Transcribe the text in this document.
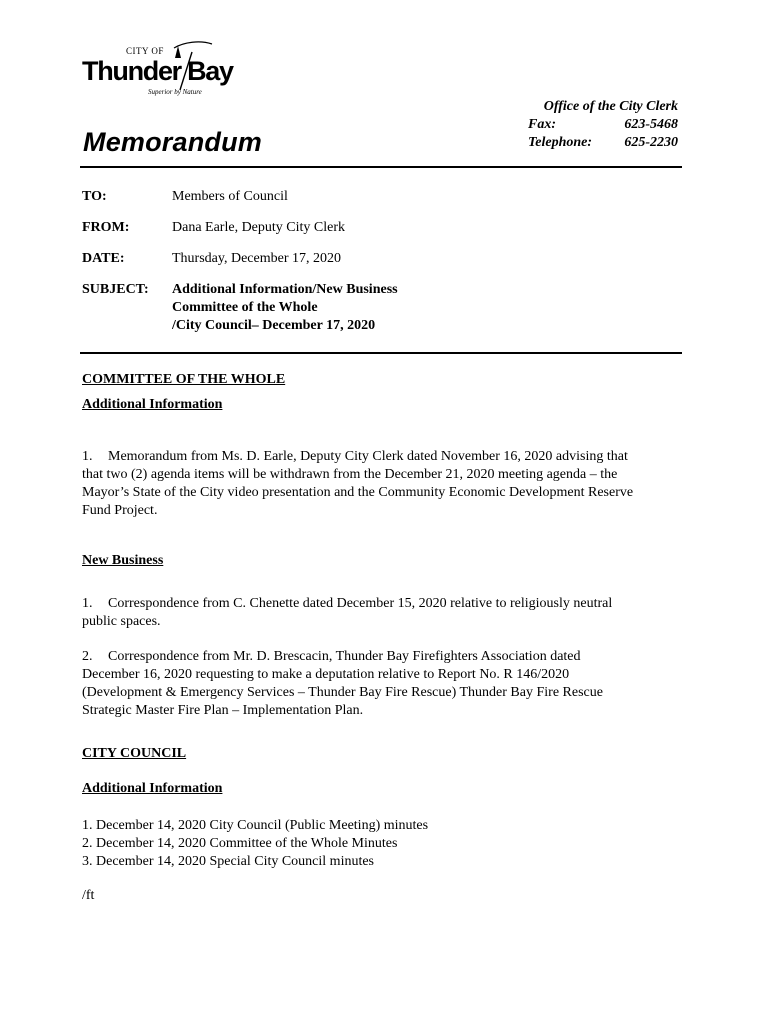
CITY OF
Thunder Bay
Superior by Nature
Office of the City Clerk
Fax:	623-5468
Telephone: 625-2230
Memorandum
TO:	Members of Council
FROM:	Dana Earle, Deputy City Clerk
DATE:	Thursday, December 17, 2020
SUBJECT: Additional Information/New Business
Committee of the Whole
/City Council– December 17, 2020
COMMITTEE OF THE WHOLE
Additional Information
1. Memorandum from Ms. D. Earle, Deputy City Clerk dated November 16, 2020 advising that
that two (2) agenda items will be withdrawn from the December 21, 2020 meeting agenda – the
Mayor’s State of the City video presentation and the Community Economic Development Reserve
Fund Project.
New Business
1. Correspondence from C. Chenette dated December 15, 2020 relative to religiously neutral
public spaces.
2. Correspondence from Mr. D. Brescacin, Thunder Bay Firefighters Association dated
December 16, 2020 requesting to make a deputation relative to Report No. R 146/2020
(Development & Emergency Services – Thunder Bay Fire Rescue) Thunder Bay Fire Rescue
Strategic Master Fire Plan – Implementation Plan.
CITY COUNCIL
Additional Information
1. December 14, 2020 City Council (Public Meeting) minutes
2. December 14, 2020 Committee of the Whole Minutes
3. December 14, 2020 Special City Council minutes
/ft
